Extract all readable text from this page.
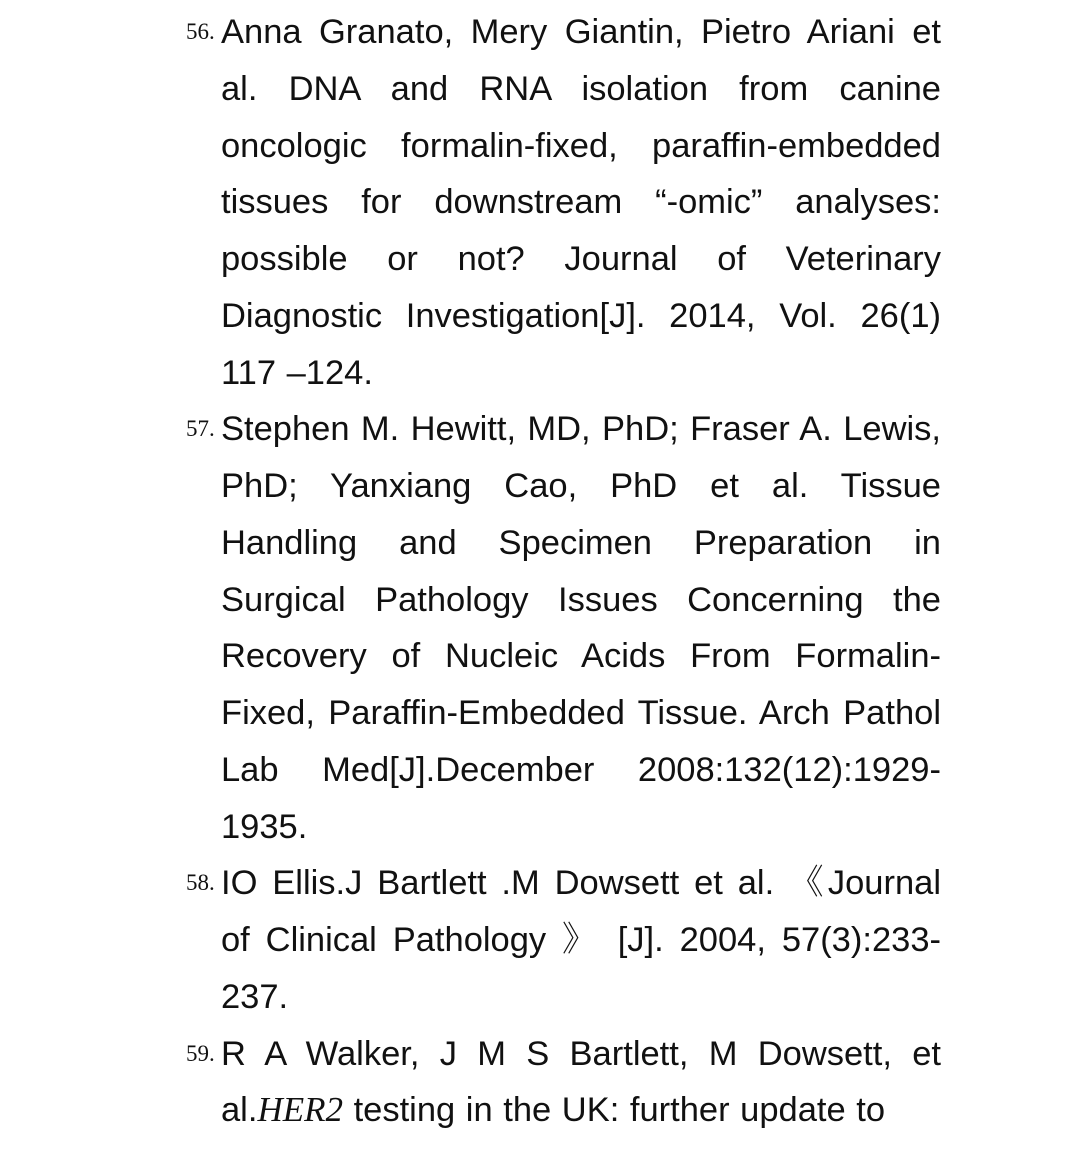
56. Anna Granato, Mery Giantin, Pietro Ariani et al. DNA and RNA isolation from canine oncologic formalin-fixed, paraffin-embedded tissues for downstream “-omic” analyses: possible or not? Journal of Veterinary Diagnostic Investigation[J]. 2014, Vol. 26(1) 117 –124.
57. Stephen M. Hewitt, MD, PhD; Fraser A. Lewis, PhD; Yanxiang Cao, PhD et al. Tissue Handling and Specimen Preparation in Surgical Pathology Issues Concerning the Recovery of Nucleic Acids From Formalin-Fixed, Paraffin-Embedded Tissue. Arch Pathol Lab Med[J].December 2008:132(12):1929-1935.
58. IO Ellis.J Bartlett .M Dowsett et al. 《Journal of Clinical Pathology 》 [J]. 2004, 57(3):233-237.
59. R A Walker, J M S Bartlett, M Dowsett, et al.HER2 testing in the UK: further update to
